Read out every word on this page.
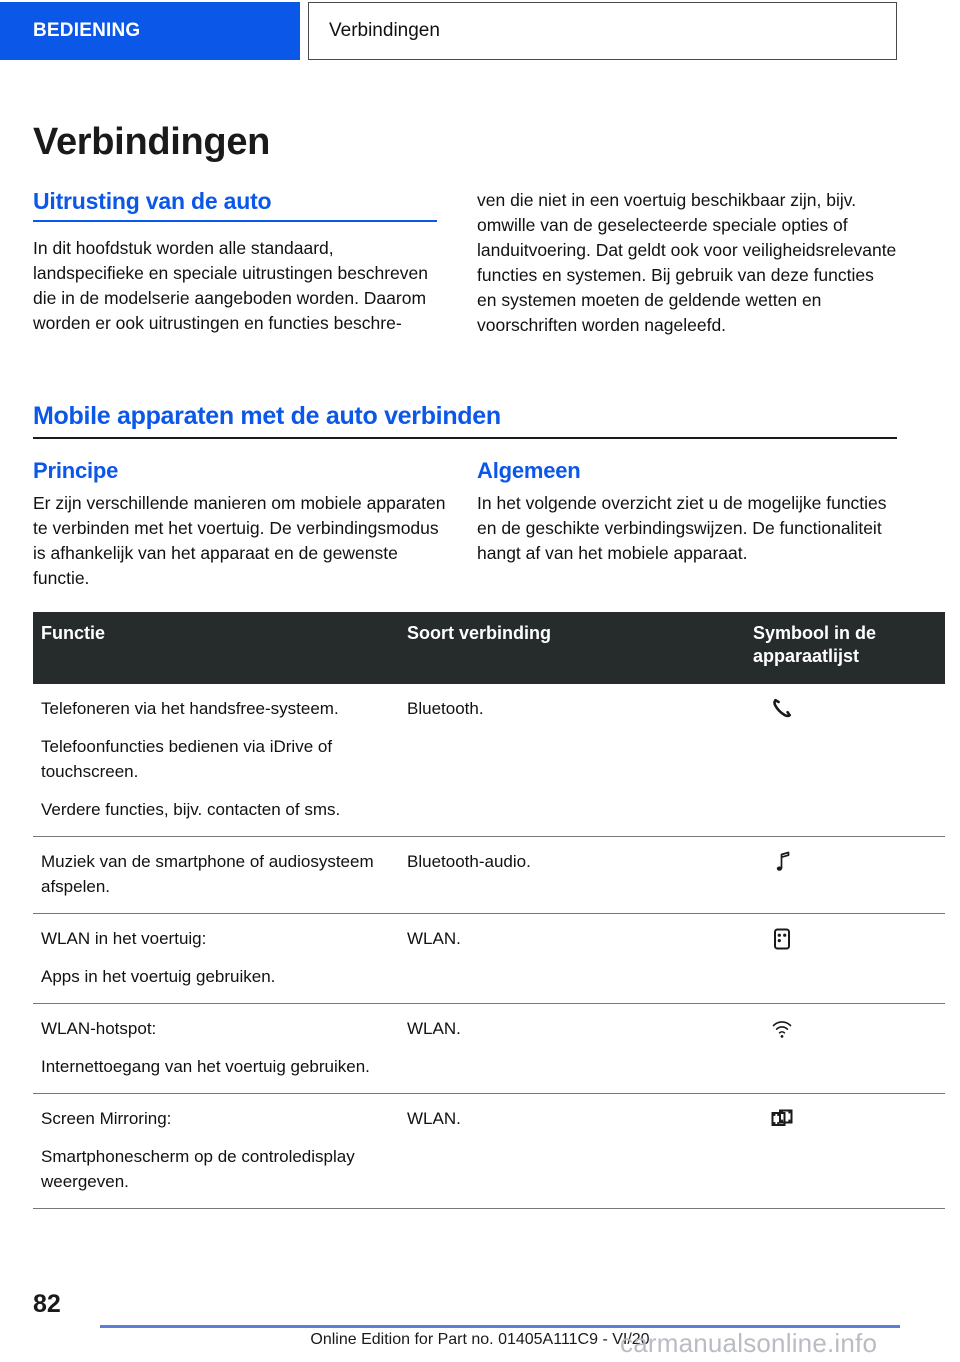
BEDIENING	Verbindingen
Verbindingen
Uitrusting van de auto

In dit hoofdstuk worden alle standaard, landspecifieke en speciale uitrustingen beschreven die in de modelserie aangeboden worden. Daarom worden er ook uitrustingen en functies beschre-

ven die niet in een voertuig beschikbaar zijn, bijv. omwille van de geselecteerde speciale opties of landuitvoering. Dat geldt ook voor veiligheidsrelevante functies en systemen. Bij gebruik van deze functies en systemen moeten de geldende wetten en voorschriften worden nageleefd.

Mobile apparaten met de auto verbinden
Principe

Er zijn verschillende manieren om mobiele apparaten te verbinden met het voertuig. De verbindingsmodus is afhankelijk van het apparaat en de gewenste functie.

Algemeen

In het volgende overzicht ziet u de mogelijke functies en de geschikte verbindingswijzen. De functionaliteit hangt af van het mobiele apparaat.

Functie	Soort verbinding	Symbool in de apparaatlijst

Telefoneren via het handsfree-systeem.
Telefoonfuncties bedienen via iDrive of touchscreen.
Verdere functies, bijv. contacten of sms.	Bluetooth.	

Muziek van de smartphone of audiosysteem afspelen.	Bluetooth-audio.	

WLAN in het voertuig:
Apps in het voertuig gebruiken.	WLAN.	

WLAN-hotspot:
Internettoegang van het voertuig gebruiken.	WLAN.	

Screen Mirroring:
Smartphonescherm op de controledisplay weergeven.	WLAN.	
82
Online Edition for Part no. 01405A111C9 - VI/20
carmanualsonline.info
